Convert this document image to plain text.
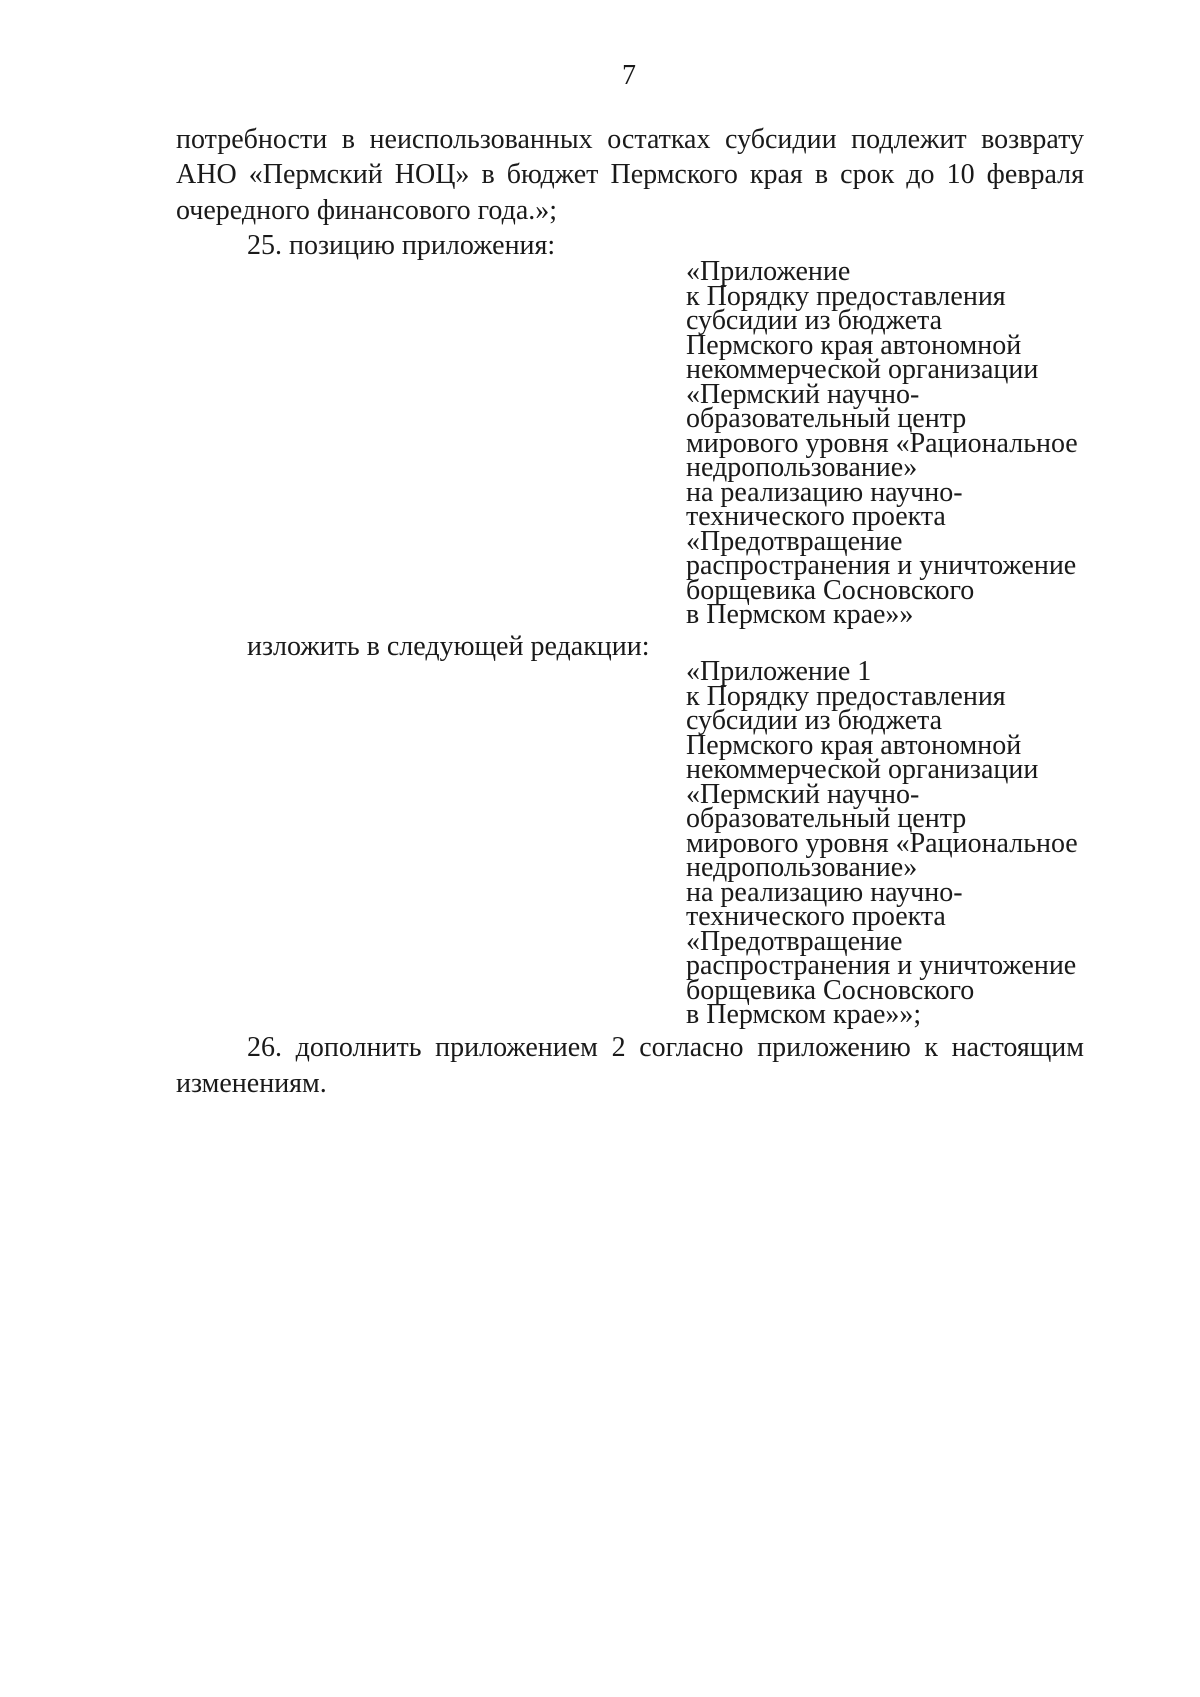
7
потребности в неиспользованных остатках субсидии подлежит возврату
АНО «Пермский НОЦ» в бюджет Пермского края в срок до 10 февраля
очередного финансового года.»;
25. позицию приложения:
«Приложение
к Порядку предоставления
субсидии из бюджета
Пермского края автономной
некоммерческой организации
«Пермский научно-
образовательный центр
мирового уровня «Рациональное
недропользование»
на реализацию научно-
технического проекта
«Предотвращение
распространения и уничтожение
борщевика Сосновского
в Пермском крае»»
изложить в следующей редакции:
«Приложение 1
к Порядку предоставления
субсидии из бюджета
Пермского края автономной
некоммерческой организации
«Пермский научно-
образовательный центр
мирового уровня «Рациональное
недропользование»
на реализацию научно-
технического проекта
«Предотвращение
распространения и уничтожение
борщевика Сосновского
в Пермском крае»»;
26. дополнить приложением 2 согласно приложению к настоящим
изменениям.
